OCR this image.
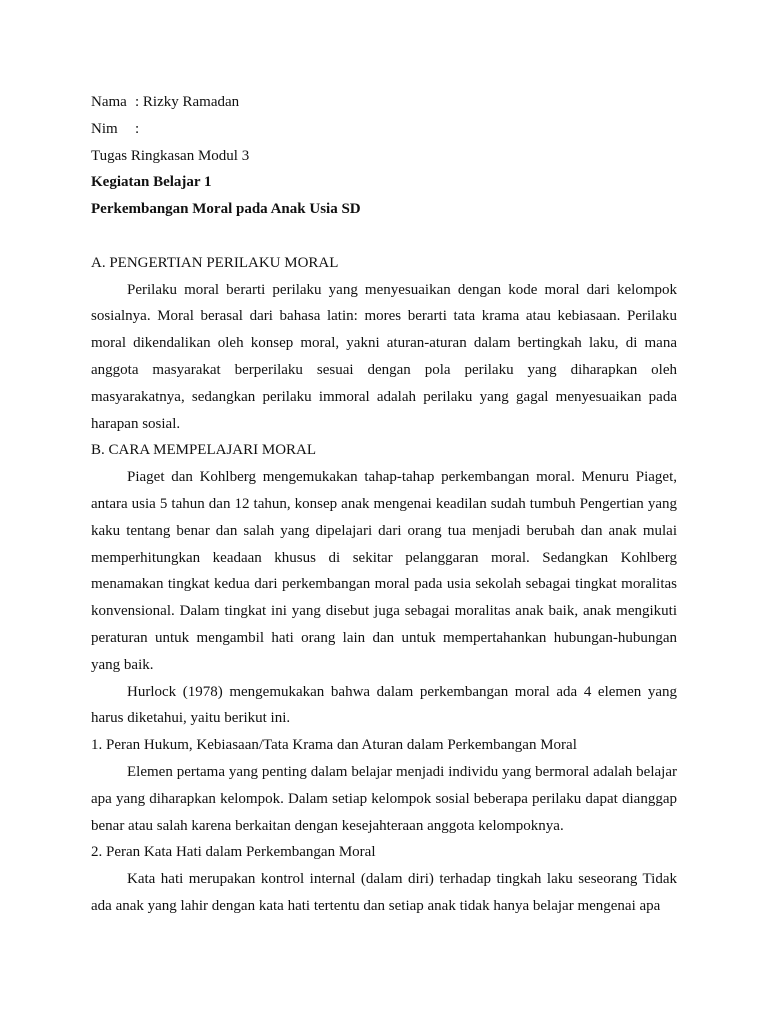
Nama : Rizky Ramadan
Nim :
Tugas Ringkasan Modul 3
Kegiatan Belajar 1
Perkembangan Moral pada Anak Usia SD

A. PENGERTIAN PERILAKU MORAL

Perilaku moral berarti perilaku yang menyesuaikan dengan kode moral dari kelompok sosialnya. Moral berasal dari bahasa latin: mores berarti tata krama atau kebiasaan. Perilaku moral dikendalikan oleh konsep moral, yakni aturan-aturan dalam bertingkah laku, di mana anggota masyarakat berperilaku sesuai dengan pola perilaku yang diharapkan oleh masyarakatnya, sedangkan perilaku immoral adalah perilaku yang gagal menyesuaikan pada harapan sosial.

B. CARA MEMPELAJARI MORAL

Piaget dan Kohlberg mengemukakan tahap-tahap perkembangan moral. Menuru Piaget, antara usia 5 tahun dan 12 tahun, konsep anak mengenai keadilan sudah tumbuh Pengertian yang kaku tentang benar dan salah yang dipelajari dari orang tua menjadi berubah dan anak mulai memperhitungkan keadaan khusus di sekitar pelanggaran moral. Sedangkan Kohlberg menamakan tingkat kedua dari perkembangan moral pada usia sekolah sebagai tingkat moralitas konvensional. Dalam tingkat ini yang disebut juga sebagai moralitas anak baik, anak mengikuti peraturan untuk mengambil hati orang lain dan untuk mempertahankan hubungan-hubungan yang baik.

Hurlock (1978) mengemukakan bahwa dalam perkembangan moral ada 4 elemen yang harus diketahui, yaitu berikut ini.

1. Peran Hukum, Kebiasaan/Tata Krama dan Aturan dalam Perkembangan Moral

Elemen pertama yang penting dalam belajar menjadi individu yang bermoral adalah belajar apa yang diharapkan kelompok. Dalam setiap kelompok sosial beberapa perilaku dapat dianggap benar atau salah karena berkaitan dengan kesejahteraan anggota kelompoknya.

2. Peran Kata Hati dalam Perkembangan Moral

Kata hati merupakan kontrol internal (dalam diri) terhadap tingkah laku seseorang Tidak ada anak yang lahir dengan kata hati tertentu dan setiap anak tidak hanya belajar mengenai apa
